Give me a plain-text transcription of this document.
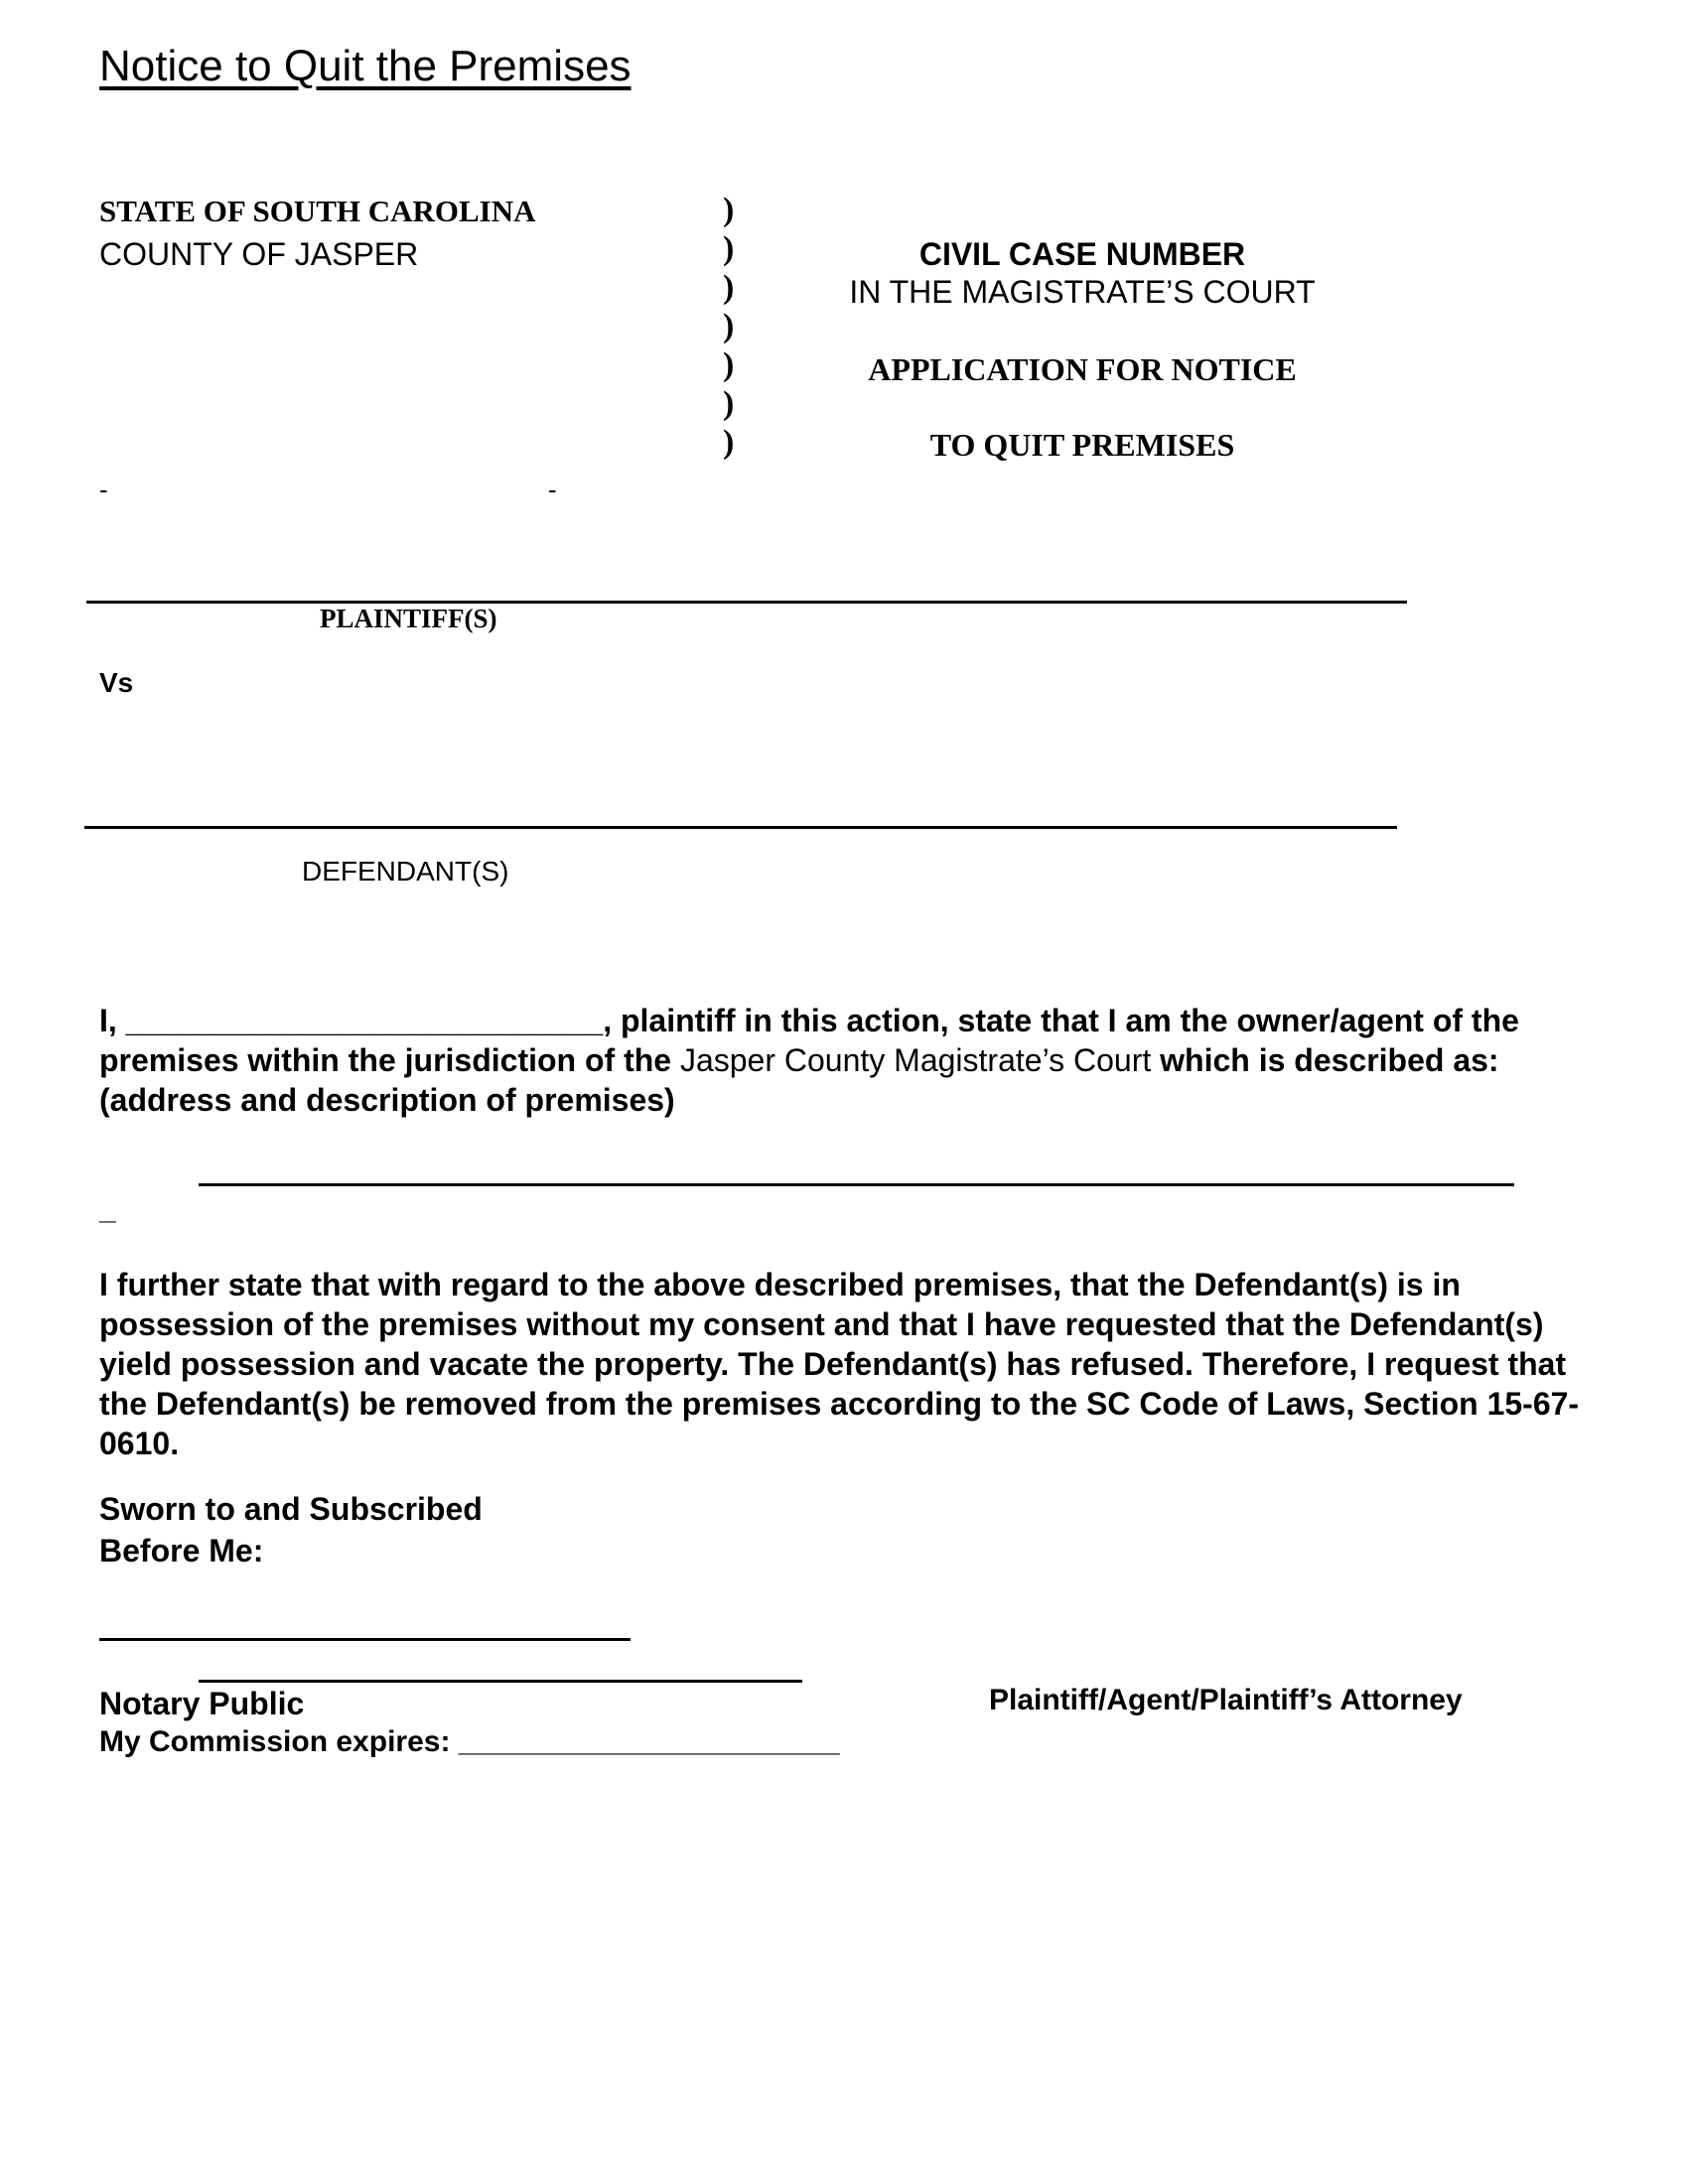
Notice to Quit the Premises
STATE OF SOUTH CAROLINA
COUNTY OF JASPER
)
)
)
)
)
)
)
CIVIL CASE NUMBER
IN THE MAGISTRATE’S COURT
APPLICATION FOR NOTICE
TO QUIT PREMISES
-	-
PLAINTIFF(S)
Vs
DEFENDANT(S)
I, ___________________________, plaintiff in this action, state that I am the owner/agent of the premises within the jurisdiction of the Jasper County Magistrate’s Court which is described as: (address and description of premises)
_
I further state that with regard to the above described premises, that the Defendant(s) is in possession of the premises without my consent and that I have requested that the Defendant(s) yield possession and vacate the property. The Defendant(s) has refused. Therefore, I request that the Defendant(s) be removed from the premises according to the SC Code of Laws, Section 15-67-0610.
Sworn to and Subscribed
Before Me:
Notary Public	Plaintiff/Agent/Plaintiff’s Attorney
My Commission expires: _______________________
